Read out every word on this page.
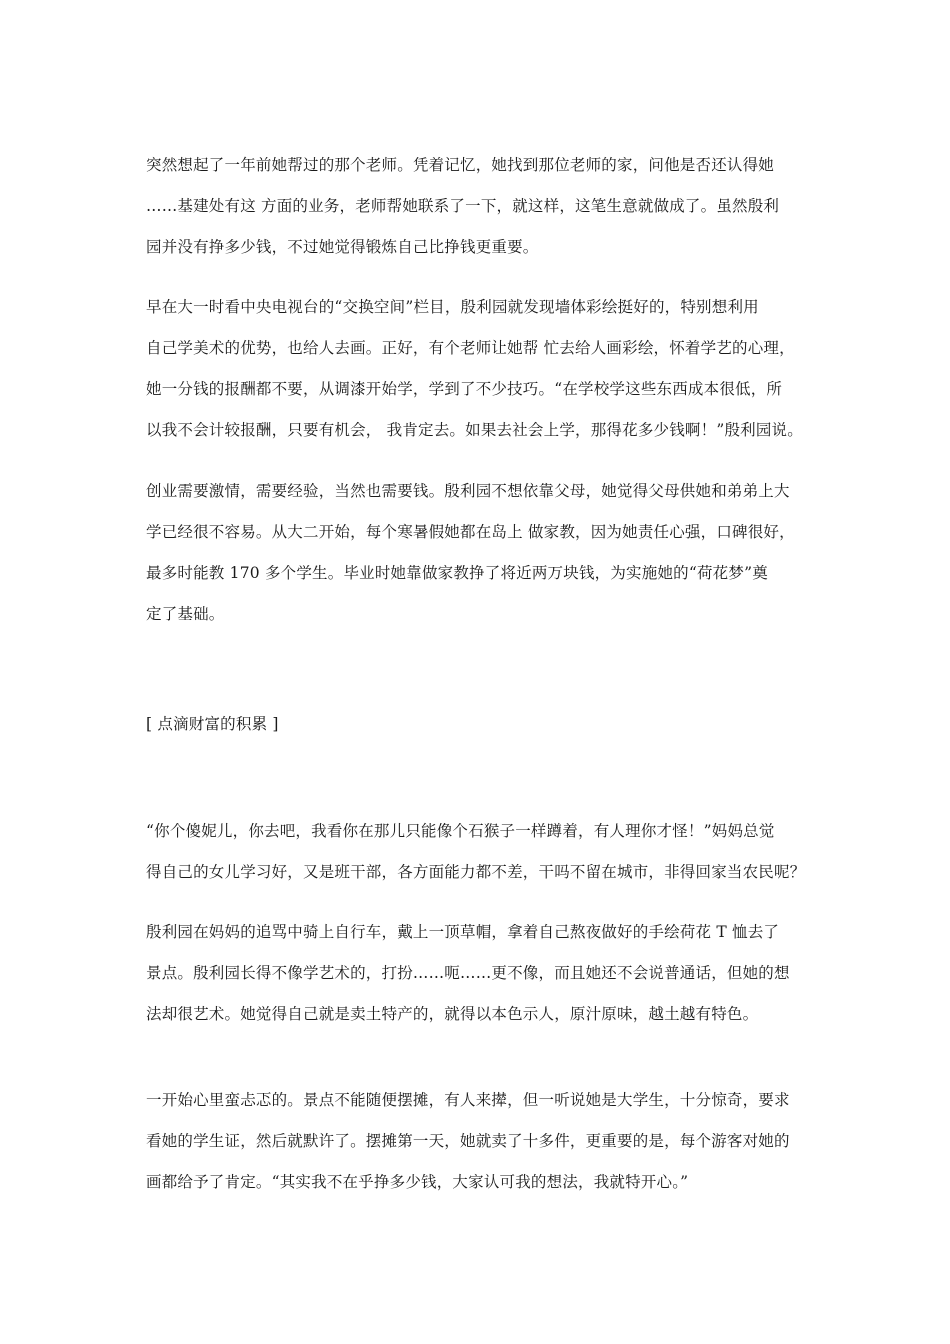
突然想起了一年前她帮过的那个老师。凭着记忆，她找到那位老师的家，问他是否还认得她
……基建处有这 方面的业务，老师帮她联系了一下，就这样，这笔生意就做成了。虽然殷利
园并没有挣多少钱，不过她觉得锻炼自己比挣钱更重要。
早在大一时看中央电视台的“交换空间”栏目，殷利园就发现墙体彩绘挺好的，特别想利用
自己学美术的优势，也给人去画。正好，有个老师让她帮 忙去给人画彩绘，怀着学艺的心理，
她一分钱的报酬都不要，从调漆开始学，学到了不少技巧。“在学校学这些东西成本很低，所
以我不会计较报酬，只要有机会， 我肯定去。如果去社会上学，那得花多少钱啊！”殷利园说。
创业需要激情，需要经验，当然也需要钱。殷利园不想依靠父母，她觉得父母供她和弟弟上大
学已经很不容易。从大二开始，每个寒暑假她都在岛上 做家教，因为她责任心强，口碑很好，
最多时能教 170 多个学生。毕业时她靠做家教挣了将近两万块钱，为实施她的“荷花梦”奠
定了基础。
[ 点滴财富的积累 ]
“你个傻妮儿，你去吧，我看你在那儿只能像个石猴子一样蹲着，有人理你才怪！”妈妈总觉
得自己的女儿学习好，又是班干部，各方面能力都不差，干吗不留在城市，非得回家当农民呢？
殷利园在妈妈的追骂中骑上自行车，戴上一顶草帽，拿着自己熬夜做好的手绘荷花 T 恤去了
景点。殷利园长得不像学艺术的，打扮……呃……更不像，而且她还不会说普通话，但她的想
法却很艺术。她觉得自己就是卖土特产的，就得以本色示人，原汁原味，越土越有特色。
一开始心里蛮忐忑的。景点不能随便摆摊，有人来撵，但一听说她是大学生，十分惊奇，要求
看她的学生证，然后就默许了。摆摊第一天，她就卖了十多件，更重要的是，每个游客对她的
画都给予了肯定。“其实我不在乎挣多少钱，大家认可我的想法，我就特开心。”
